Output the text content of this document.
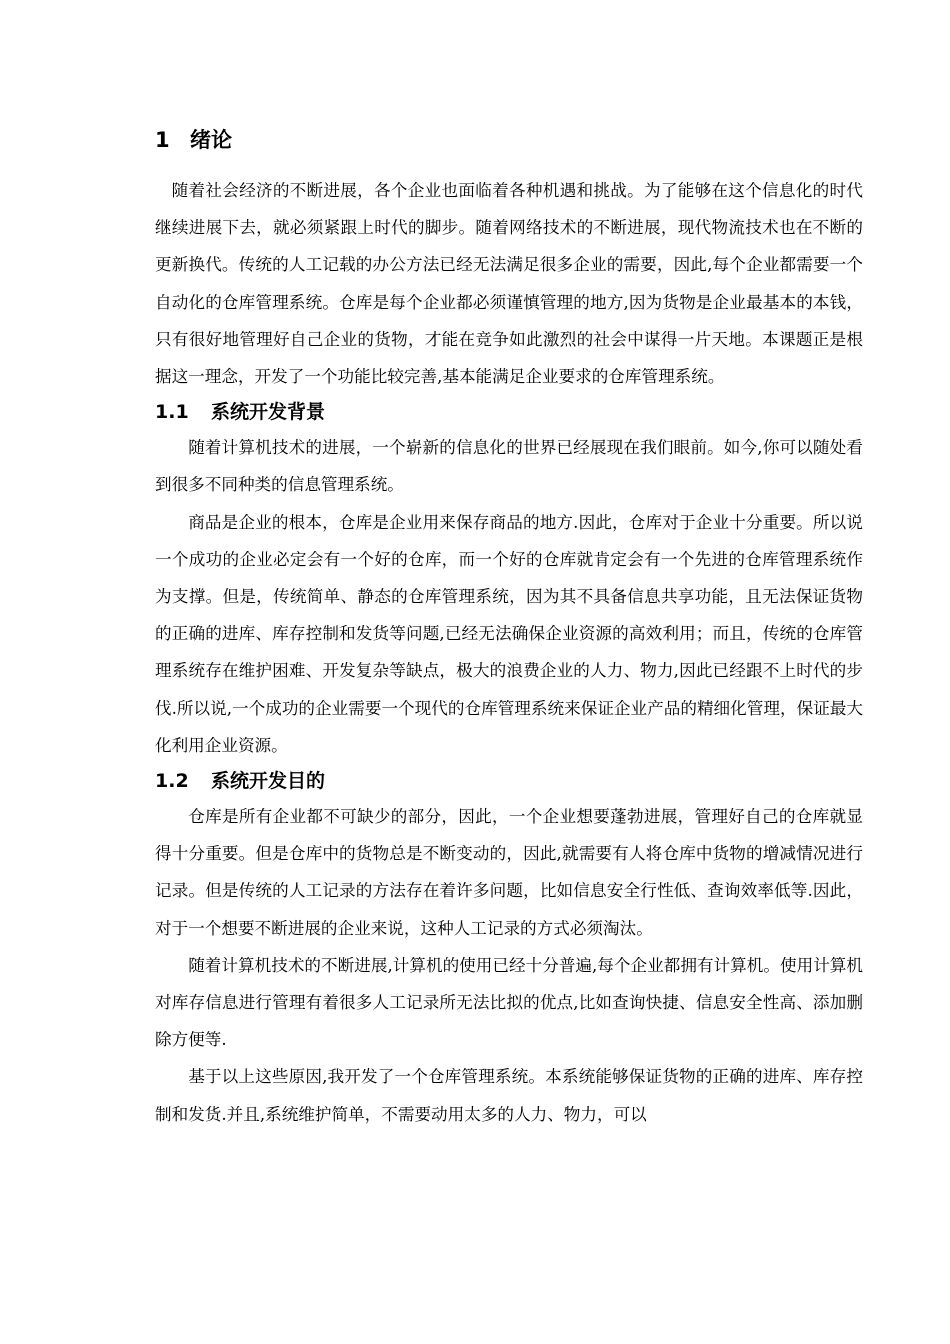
1 绪论

随着社会经济的不断进展，各个企业也面临着各种机遇和挑战。为了能够在这个信息化的时代继续进展下去，就必须紧跟上时代的脚步。随着网络技术的不断进展，现代物流技术也在不断的更新换代。传统的人工记载的办公方法已经无法满足很多企业的需要，因此,每个企业都需要一个自动化的仓库管理系统。仓库是每个企业都必须谨慎管理的地方,因为货物是企业最基本的本钱，只有很好地管理好自己企业的货物，才能在竞争如此激烈的社会中谋得一片天地。本课题正是根据这一理念，开发了一个功能比较完善,基本能满足企业要求的仓库管理系统。

1.1 系统开发背景

随着计算机技术的进展，一个崭新的信息化的世界已经展现在我们眼前。如今,你可以随处看到很多不同种类的信息管理系统。

商品是企业的根本，仓库是企业用来保存商品的地方.因此，仓库对于企业十分重要。所以说一个成功的企业必定会有一个好的仓库，而一个好的仓库就肯定会有一个先进的仓库管理系统作为支撑。但是，传统简单、静态的仓库管理系统，因为其不具备信息共享功能，且无法保证货物的正确的进库、库存控制和发货等问题,已经无法确保企业资源的高效利用；而且，传统的仓库管理系统存在维护困难、开发复杂等缺点，极大的浪费企业的人力、物力,因此已经跟不上时代的步伐.所以说,一个成功的企业需要一个现代的仓库管理系统来保证企业产品的精细化管理，保证最大化利用企业资源。

1.2 系统开发目的

仓库是所有企业都不可缺少的部分，因此，一个企业想要蓬勃进展，管理好自己的仓库就显得十分重要。但是仓库中的货物总是不断变动的，因此,就需要有人将仓库中货物的增减情况进行记录。但是传统的人工记录的方法存在着许多问题，比如信息安全行性低、查询效率低等.因此，对于一个想要不断进展的企业来说，这种人工记录的方式必须淘汰。

随着计算机技术的不断进展,计算机的使用已经十分普遍,每个企业都拥有计算机。使用计算机对库存信息进行管理有着很多人工记录所无法比拟的优点,比如查询快捷、信息安全性高、添加删除方便等.

基于以上这些原因,我开发了一个仓库管理系统。本系统能够保证货物的正确的进库、库存控制和发货.并且,系统维护简单，不需要动用太多的人力、物力，可以
